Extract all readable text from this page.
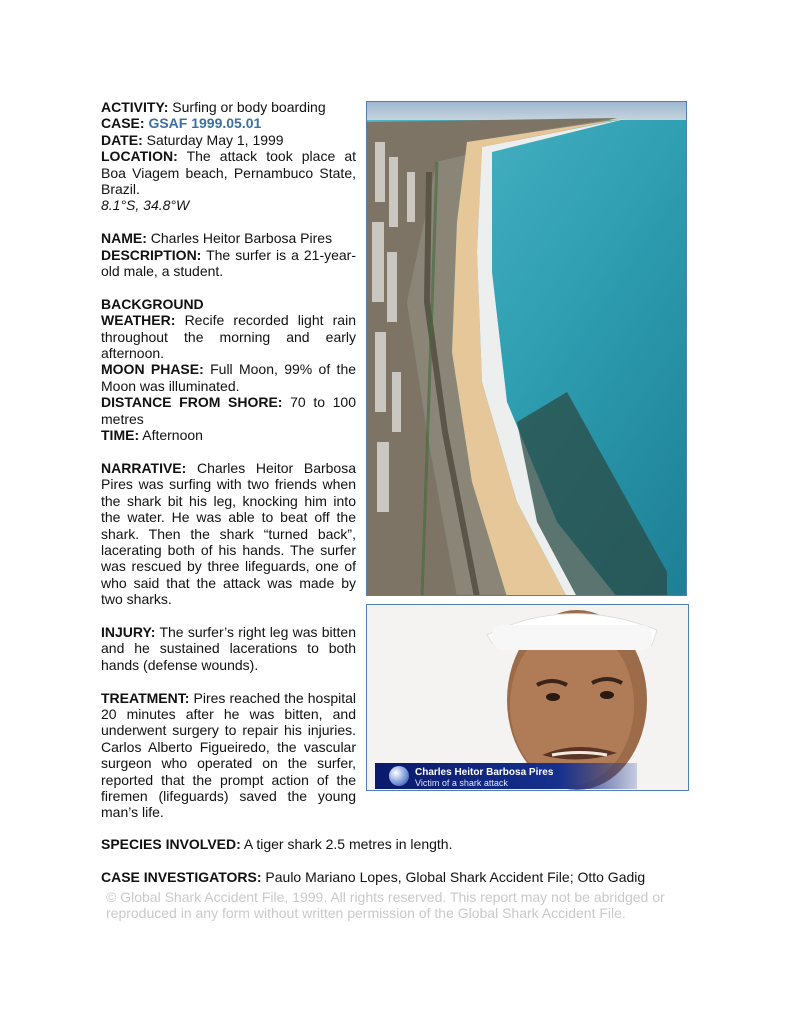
ACTIVITY: Surfing or body boarding

CASE: GSAF 1999.05.01

DATE: Saturday May 1, 1999

LOCATION: The attack took place at Boa Viagem beach, Pernambuco State, Brazil.

8.1°S, 34.8°W

NAME: Charles Heitor Barbosa Pires

DESCRIPTION: The surfer is a 21-year-old male, a student.

BACKGROUND

WEATHER: Recife recorded light rain throughout the morning and early afternoon.

MOON PHASE: Full Moon, 99% of the Moon was illuminated.

DISTANCE FROM SHORE: 70 to 100 metres

TIME: Afternoon

NARRATIVE: Charles Heitor Barbosa Pires was surfing with two friends when the shark bit his leg, knocking him into the water. He was able to beat off the shark. Then the shark “turned back”, lacerating both of his hands. The surfer was rescued by three lifeguards, one of who said that the attack was made by two sharks.

INJURY: The surfer’s right leg was bitten and he sustained lacerations to both hands (defense wounds).

TREATMENT: Pires reached the hospital 20 minutes after he was bitten, and underwent surgery to repair his injuries. Carlos Alberto Figueiredo, the vascular surgeon who operated on the surfer, reported that the prompt action of the firemen (lifeguards) saved the young man’s life.

SPECIES INVOLVED: A tiger shark 2.5 metres in length.

CASE INVESTIGATORS: Paulo Mariano Lopes, Global Shark Accident File; Otto Gadig

© Global Shark Accident File, 1999. All rights reserved. This report may not be abridged or reproduced in any form without written permission of the Global Shark Accident File.

Charles Heitor Barbosa Pires
Victim of a shark attack
